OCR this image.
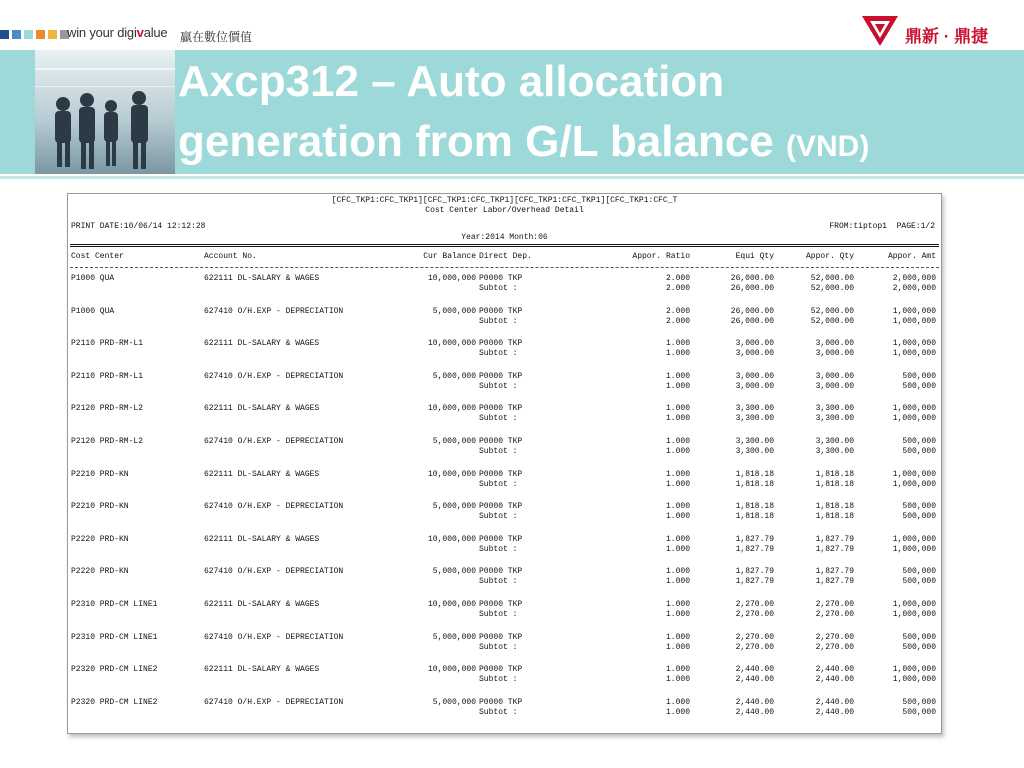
win your digivalue 贏在數位價值	鼎新 · 鼎捷
Axcp312 – Auto allocation
generation from G/L balance (VND)
[CFC_TKP1:CFC_TKP1][CFC_TKP1:CFC_TKP1][CFC_TKP1:CFC_TKP1][CFC_TKP1:CFC_T
Cost Center Labor/Overhead Detail
PRINT DATE:10/06/14 12:12:28	FROM:tiptop1  PAGE:1/2
Year:2014 Month:06
Cost Center	Account No.	Cur Balance Direct Dep.	Appor. Ratio	Equi Qty	Appor. Qty	Appor. Amt
P1000 QUA	622111 DL-SALARY & WAGES	10,000,000 P0000 TKP	2.000	26,000.00	52,000.00	2,000,000
Subtot :	2.000	26,000.00	52,000.00	2,000,000
P1000 QUA	627410 O/H.EXP - DEPRECIATION	5,000,000 P0000 TKP	2.000	26,000.00	52,000.00	1,000,000
Subtot :	2.000	26,000.00	52,000.00	1,000,000
P2110 PRD-RM-L1	622111 DL-SALARY & WAGES	10,000,000 P0000 TKP	1.000	3,000.00	3,000.00	1,000,000
Subtot :	1.000	3,000.00	3,000.00	1,000,000
P2110 PRD-RM-L1	627410 O/H.EXP - DEPRECIATION	5,000,000 P0000 TKP	1.000	3,000.00	3,000.00	500,000
Subtot :	1.000	3,000.00	3,000.00	500,000
P2120 PRD-RM-L2	622111 DL-SALARY & WAGES	10,000,000 P0000 TKP	1.000	3,300.00	3,300.00	1,000,000
Subtot :	1.000	3,300.00	3,300.00	1,000,000
P2120 PRD-RM-L2	627410 O/H.EXP - DEPRECIATION	5,000,000 P0000 TKP	1.000	3,300.00	3,300.00	500,000
Subtot :	1.000	3,300.00	3,300.00	500,000
P2210 PRD-KN	622111 DL-SALARY & WAGES	10,000,000 P0000 TKP	1.000	1,818.18	1,818.18	1,000,000
Subtot :	1.000	1,818.18	1,818.18	1,000,000
P2210 PRD-KN	627410 O/H.EXP - DEPRECIATION	5,000,000 P0000 TKP	1.000	1,818.18	1,818.18	500,000
Subtot :	1.000	1,818.18	1,818.18	500,000
P2220 PRD-KN	622111 DL-SALARY & WAGES	10,000,000 P0000 TKP	1.000	1,827.79	1,827.79	1,000,000
Subtot :	1.000	1,827.79	1,827.79	1,000,000
P2220 PRD-KN	627410 O/H.EXP - DEPRECIATION	5,000,000 P0000 TKP	1.000	1,827.79	1,827.79	500,000
Subtot :	1.000	1,827.79	1,827.79	500,000
P2310 PRD-CM LINE1	622111 DL-SALARY & WAGES	10,000,000 P0000 TKP	1.000	2,270.00	2,270.00	1,000,000
Subtot :	1.000	2,270.00	2,270.00	1,000,000
P2310 PRD-CM LINE1	627410 O/H.EXP - DEPRECIATION	5,000,000 P0000 TKP	1.000	2,270.00	2,270.00	500,000
Subtot :	1.000	2,270.00	2,270.00	500,000
P2320 PRD-CM LINE2	622111 DL-SALARY & WAGES	10,000,000 P0000 TKP	1.000	2,440.00	2,440.00	1,000,000
Subtot :	1.000	2,440.00	2,440.00	1,000,000
P2320 PRD-CM LINE2	627410 O/H.EXP - DEPRECIATION	5,000,000 P0000 TKP	1.000	2,440.00	2,440.00	500,000
Subtot :	1.000	2,440.00	2,440.00	500,000
